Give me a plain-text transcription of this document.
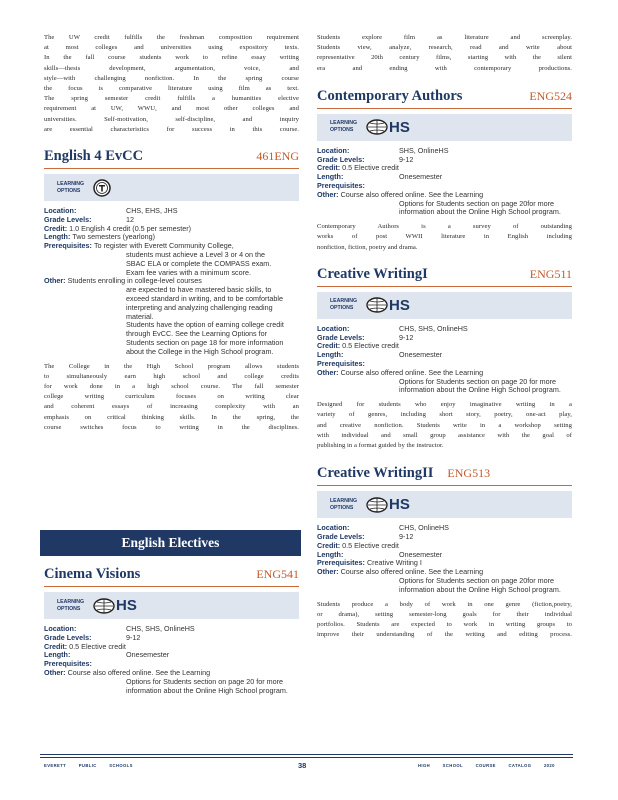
The UW credit fulfills the freshman composition requirement
at most colleges and universities using expository texts.
In the fall course students work to refine essay writing
skills—thesis development, argumentation, voice, and
style—with challenging nonfiction. In the spring course
the focus is comparative literature using film as text.
The spring semester credit fulfills a humanities elective
requirement at UW, WWU, and most other colleges and
universities. Self-motivation, self-discipline, and inquiry
are essential characteristics for success in this course.
English 4 EvCC	461ENG
LEARNING
OPTIONS
Location:	CHS, EHS, JHS
Grade Levels:	12
Credit:
1.0 English 4 credit (0.5 per semester)
Length:
Two semesters (yearlong)
Prerequisites:
To register with Everett Community College,
students must achieve a Level 3 or 4 on the
SBAC ELA or complete the COMPASS exam.
Exam fee varies with a minimum score.
Other:
Students enrolling in college-level courses
are expected to have mastered basic skills, to
exceed standard in writing, and to be comfortable
interpreting and analyzing challenging reading
material.
Students have the option of earning college credit
through EvCC. See the Learning Options for
Students section on page 18 for more information
about the College in the High School program.
The College in the High School program allows students
to simultaneously earn high school and college credits
for work done in a high school course. The fall semester
college writing curriculum focuses on writing clear
and coherent essays of increasing complexity with an
emphasis on critical thinking skills. In the spring, the
course switches focus to writing in the disciplines.
English Electives
Cinema Visions	ENG541
LEARNING
OPTIONS	HS
Location:	CHS, SHS, OnlineHS
Grade Levels:	9-12
Credit:
0.5 Elective credit
Length:	Onesemester
Prerequisites:
Other:
Course also offered online. See the Learning
Options for Students section on page 20 for more
information about the Online High School program.
Students explore film as literature and screenplay.
Students view, analyze, research, read and write about
representative 20th century films, starting with the silent
era and ending with contemporary productions.
Contemporary Authors	ENG524
LEARNING
OPTIONS	HS
Location:	SHS, OnlineHS
Grade Levels:	9-12
Credit:
0.5 Elective credit
Length:	Onesemester
Prerequisites:
Other:
Course also offered online. See the Learning
Options for Students section on page 20for more
information about the Online High School program.
Contemporary Authors is a survey of outstanding
works of post WWII literature in English including
nonfiction, fiction, poetry and drama.
Creative WritingI	ENG511
LEARNING
OPTIONS	HS
Location:	CHS, SHS, OnlineHS
Grade Levels:	9-12
Credit:
0.5 Elective credit
Length:	Onesemester
Prerequisites:
Other:
Course also offered online. See the Learning
Options for Students section on page 20 for more
information about the Online High School program.
Designed for students who enjoy imaginative writing in a
variety of genres, including short story, poetry, one-act play,
and creative nonfiction. Students write in a workshop setting
with individual and small group assistance with the goal of
publishing in a format guided by the instructor.
Creative WritingII ENG513
LEARNING
OPTIONS	HS
Location:	CHS, OnlineHS
Grade Levels:	9-12
Credit:
0.5 Elective credit
Length:	Onesemester
Prerequisites:
Creative Writing I
Other:
Course also offered online. See the Learning
Options for Students section on page 20for more
information about the Online High School program.
Students produce a body of work in one genre (fiction,poetry,
or drama), setting semester-long goals for their individual
portfolios. Students are expected to work in writing groups to
improve their understanding of the writing and editing process.
EVERETT	PUBLIC	SCHOOLS	38	HIGH	SCHOOL	COURSE	CATALOG	2020
